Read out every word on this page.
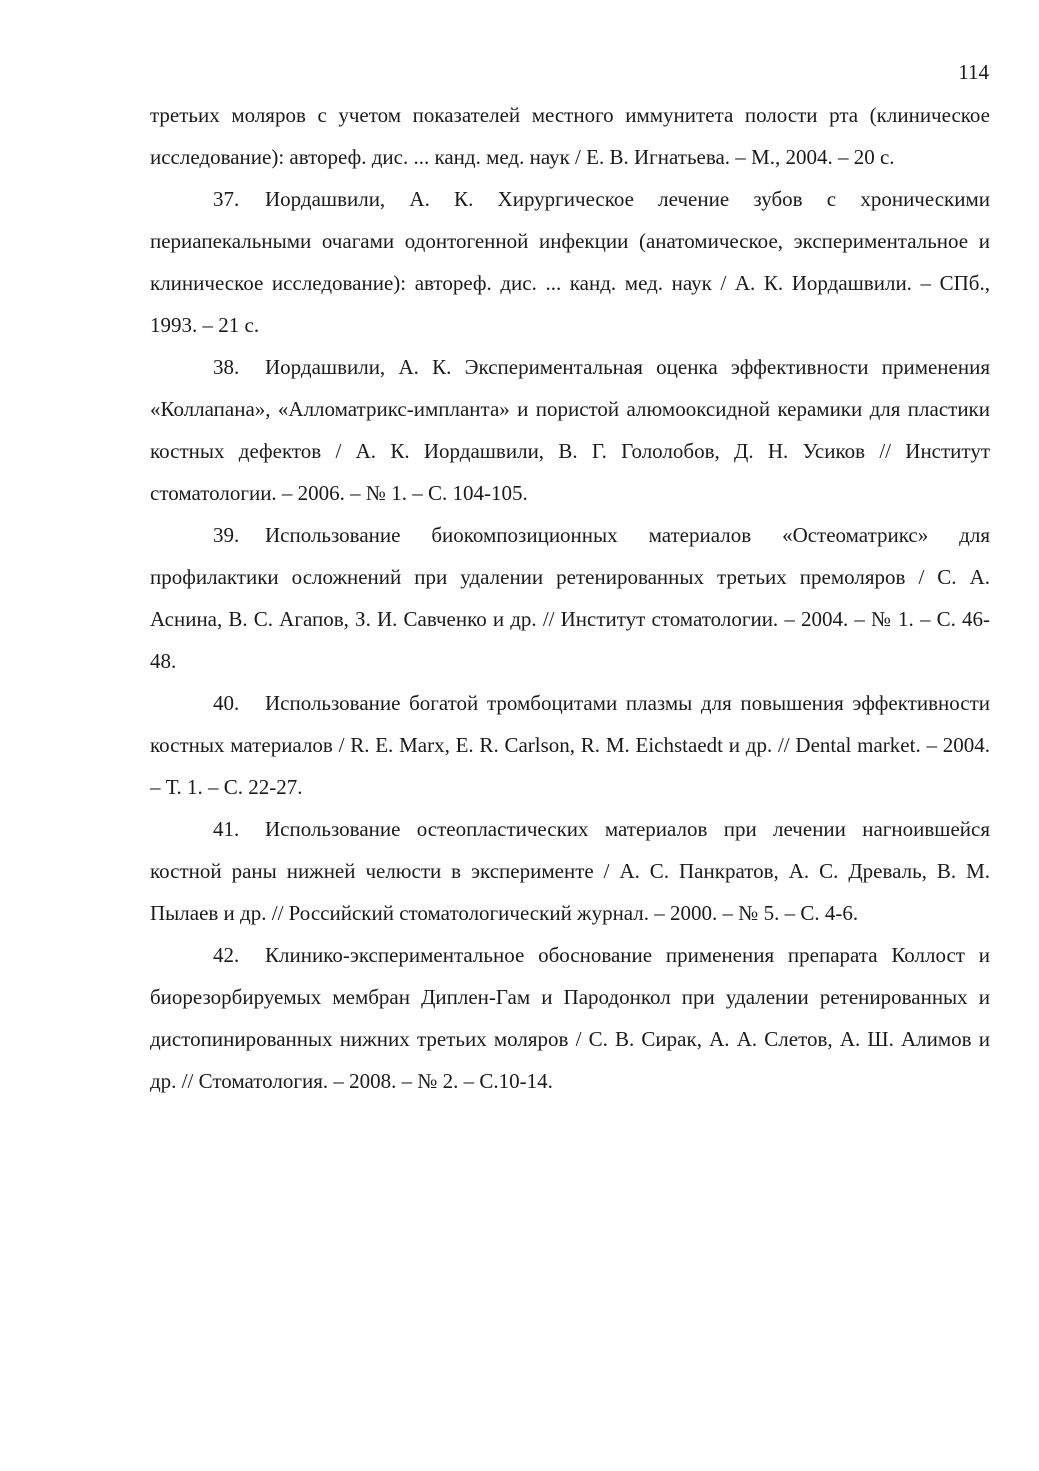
114

третьих моляров с учетом показателей местного иммунитета полости рта (клиническое исследование): автореф. дис. ... канд. мед. наук / Е. В. Игнатьева. – М., 2004. – 20 с.

37. Иордашвили, А. К. Хирургическое лечение зубов с хроническими периапекальными очагами одонтогенной инфекции (анатомическое, экспериментальное и клиническое исследование): автореф. дис. ... канд. мед. наук / А. К. Иордашвили. – СПб., 1993. – 21 с.

38. Иордашвили, А. К. Экспериментальная оценка эффективности применения «Коллапана», «Алломатрикс-импланта» и пористой алюмооксидной керамики для пластики костных дефектов / А. К. Иордашвили, В. Г. Гололобов, Д. Н. Усиков // Институт стоматологии. – 2006. – № 1. – С. 104-105.

39. Использование биокомпозиционных материалов «Остеоматрикс» для профилактики осложнений при удалении ретенированных третьих премоляров / С. А. Аснина, В. С. Агапов, З. И. Савченко и др. // Институт стоматологии. – 2004. – № 1. – С. 46-48.

40. Использование богатой тромбоцитами плазмы для повышения эффективности костных материалов / R. E. Marx, E. R. Carlson, R. M. Eichstaedt и др. // Dental market. – 2004. – Т. 1. – С. 22-27.

41. Использование остеопластических материалов при лечении нагноившейся костной раны нижней челюсти в эксперименте / А. С. Панкратов, А. С. Древаль, В. М. Пылаев и др. // Российский стоматологический журнал. – 2000. – № 5. – С. 4-6.

42. Клинико-экспериментальное обоснование применения препарата Коллост и биорезорбируемых мембран Диплен-Гам и Пародонкол при удалении ретенированных и дистопинированных нижних третьих моляров / С. В. Сирак, А. А. Слетов, А. Ш. Алимов и др. // Стоматология. – 2008. – № 2. – С.10-14.
